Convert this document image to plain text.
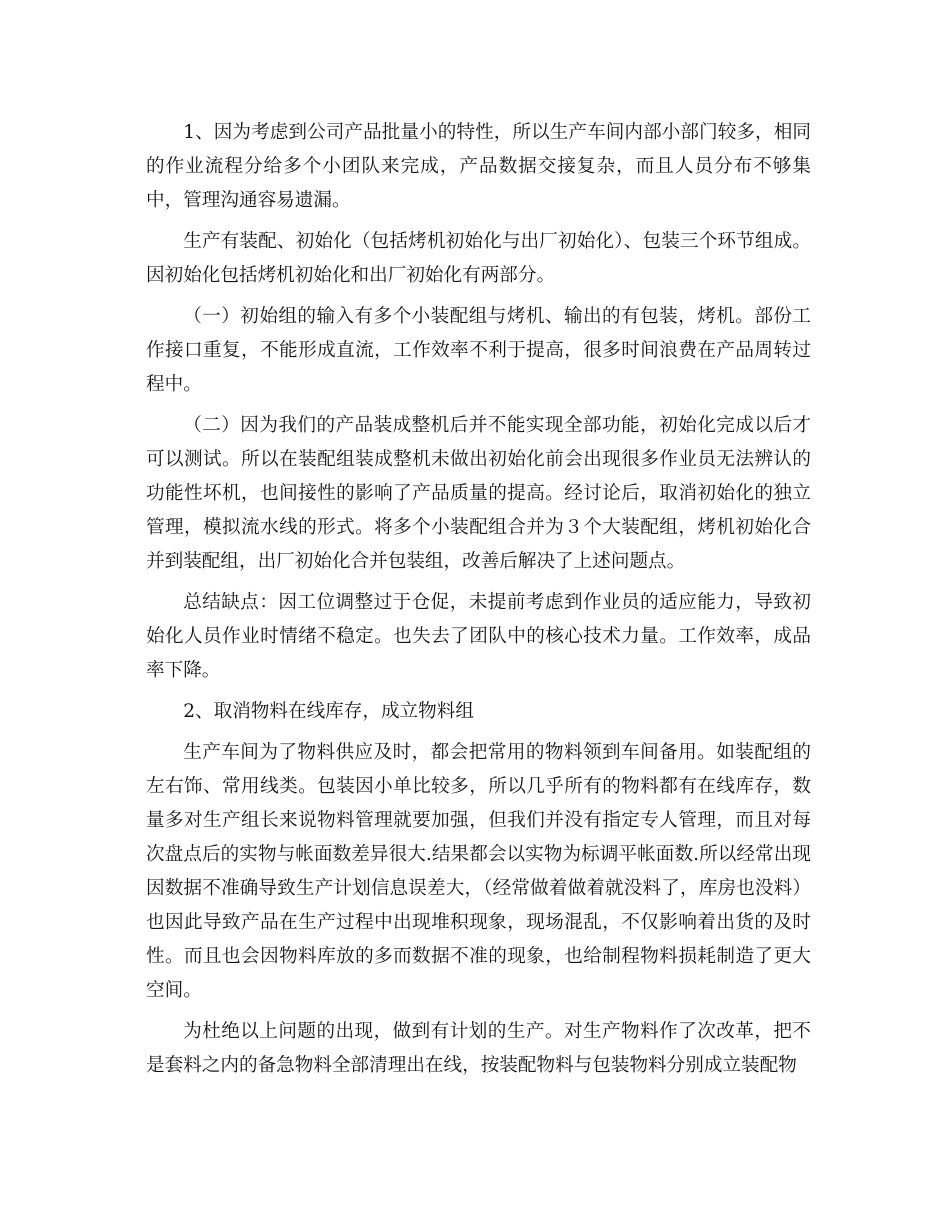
1、因为考虑到公司产品批量小的特性，所以生产车间内部小部门较多，相同的作业流程分给多个小团队来完成，产品数据交接复杂，而且人员分布不够集中，管理沟通容易遗漏。

生产有装配、初始化（包括烤机初始化与出厂初始化）、包装三个环节组成。因初始化包括烤机初始化和出厂初始化有两部分。

（一）初始组的输入有多个小装配组与烤机、输出的有包装，烤机。部份工作接口重复，不能形成直流，工作效率不利于提高，很多时间浪费在产品周转过程中。

（二）因为我们的产品装成整机后并不能实现全部功能，初始化完成以后才可以测试。所以在装配组装成整机未做出初始化前会出现很多作业员无法辨认的功能性坏机，也间接性的影响了产品质量的提高。经讨论后，取消初始化的独立管理，模拟流水线的形式。将多个小装配组合并为３个大装配组，烤机初始化合并到装配组，出厂初始化合并包装组，改善后解决了上述问题点。

总结缺点：因工位调整过于仓促，未提前考虑到作业员的适应能力，导致初始化人员作业时情绪不稳定。也失去了团队中的核心技术力量。工作效率，成品率下降。

2、取消物料在线库存，成立物料组

生产车间为了物料供应及时，都会把常用的物料领到车间备用。如装配组的左右饰、常用线类。包装因小单比较多，所以几乎所有的物料都有在线库存，数量多对生产组长来说物料管理就要加强，但我们并没有指定专人管理，而且对每次盘点后的实物与帐面数差异很大.结果都会以实物为标调平帐面数.所以经常出现因数据不准确导致生产计划信息误差大，（经常做着做着就没料了，库房也没料）也因此导致产品在生产过程中出现堆积现象，现场混乱，不仅影响着出货的及时性。而且也会因物料库放的多而数据不准的现象，也给制程物料损耗制造了更大空间。

为杜绝以上问题的出现，做到有计划的生产。对生产物料作了次改革，把不是套料之内的备急物料全部清理出在线，按装配物料与包装物料分别成立装配物
